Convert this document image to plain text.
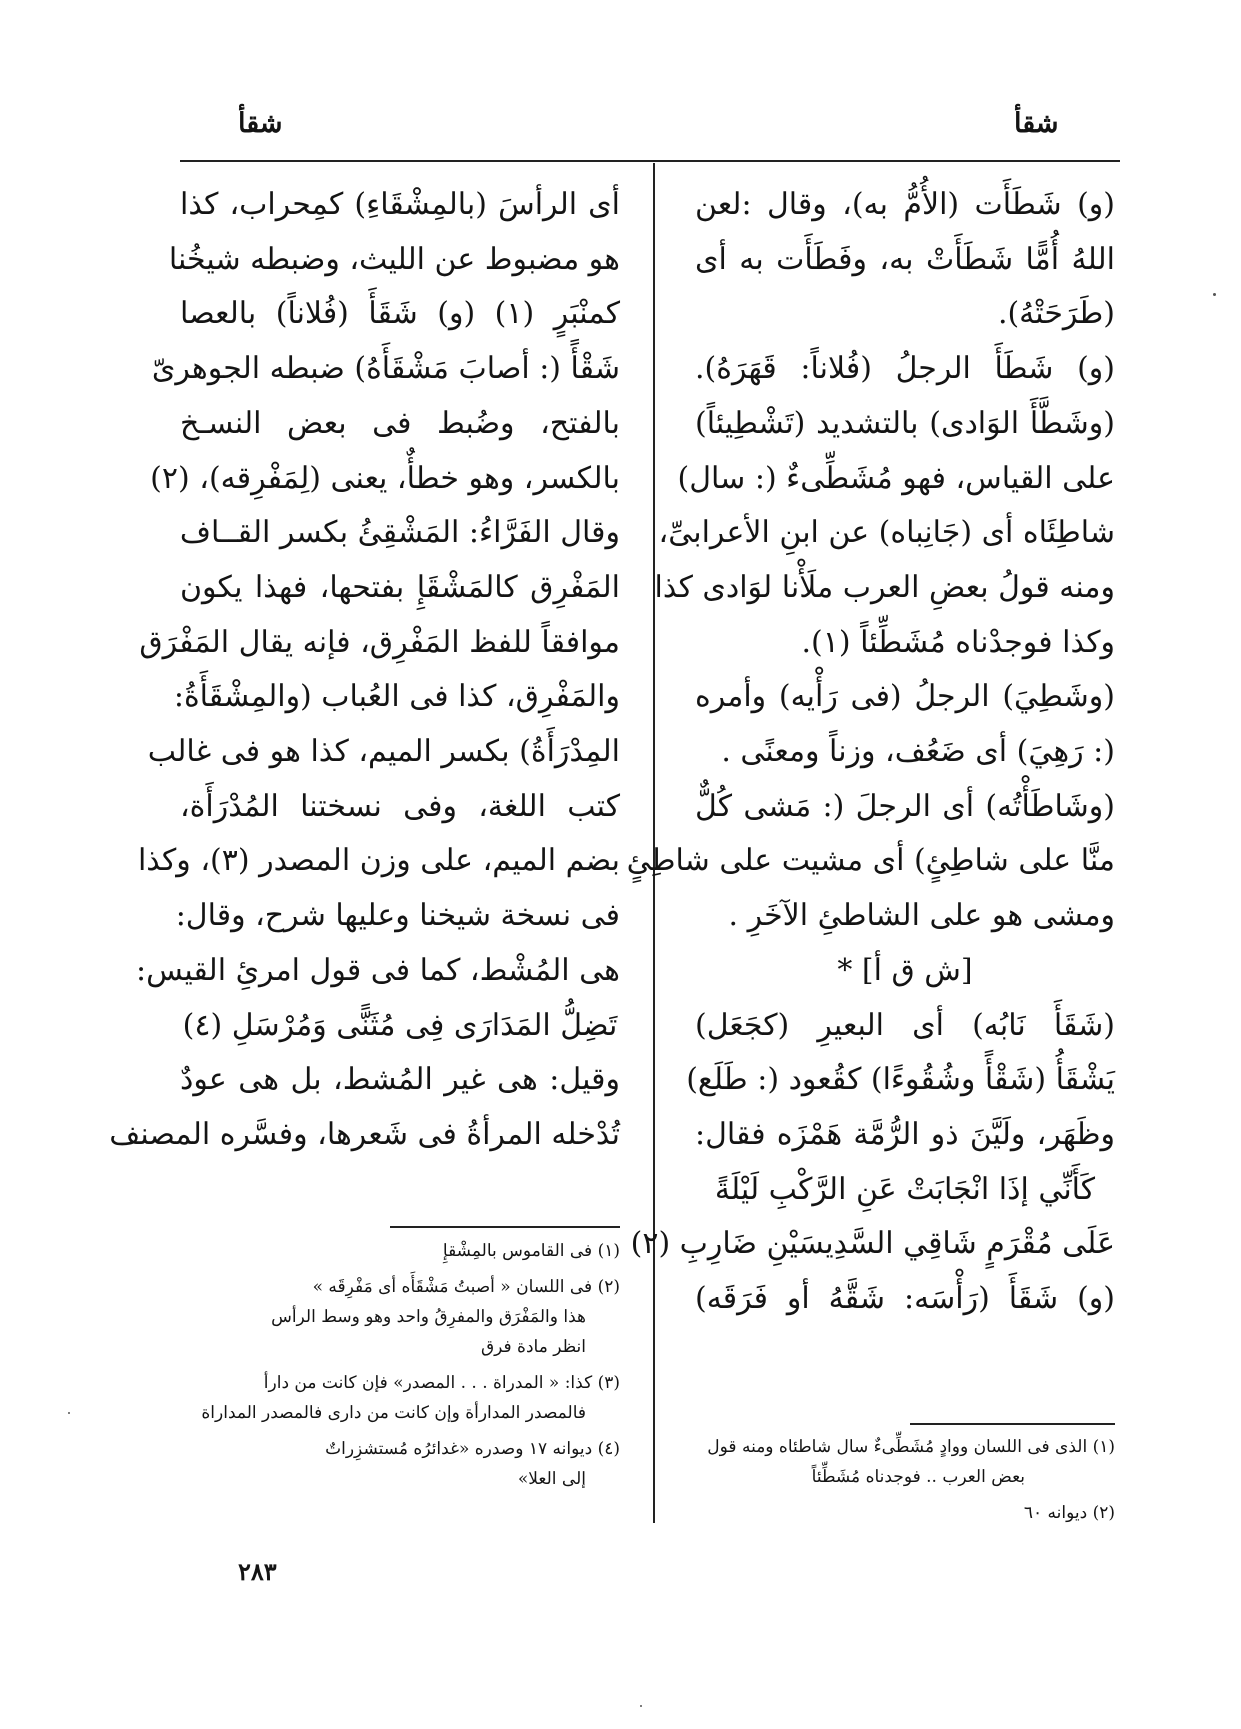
شقأ
شقأ

(و) شَطَأَت (الأُمُّ به)، وقال :لعن

اللهُ أُمًّا شَطَأَتْ به، وفَطَأَت به أى

(طَرَحَتْهُ).

(و) شَطَأَ الرجلُ (فُلاناً: قَهَرَهُ).

(وشَطَّأَ الوَادى) بالتشديد (تَشْطِيئاً)

على القياس، فهو مُشَطِّىءٌ (: سال)

شاطِئَاه أى (جَانِباه) عن ابنِ الأعرابىِّ،

ومنه قولُ بعضِ العرب ملَأْنا لوَادى كذا

وكذا فوجدْناه مُشَطِّئاً (١).

(وشَطِيَ) الرجلُ (فى رَأْيه) وأمره

(: رَهِيَ) أى ضَعُف، وزناً ومعنًى .

(وشَاطَأْتُه) أى الرجلَ (: مَشى كُلٌّ

منَّا على شاطِئٍ) أى مشيت على شاطِئٍ

ومشى هو على الشاطئِ الآخَرِ .

[ش ق أ] *

(شَقَأَ نَابُه) أى البعيرِ (كجَعَل)

يَشْقَأُ (شَقْأً وشُقُوءًا) كقُعود (: طَلَع)

وظَهَر، ولَيَّنَ ذو الرُّمَّة هَمْزَه فقال:

كَأَنِّي إذَا انْجَابَتْ عَنِ الرَّكْبِ لَيْلَةً

عَلَى مُقْرَمٍ شَاقِي السَّدِيسَيْنِ ضَارِبِ (٢)

(و) شَقَأَ (رَأْسَه: شَقَّهُ أو فَرَقَه)

أى الرأسَ (بالمِشْقَاءِ) كمِحراب، كذا

هو مضبوط عن الليث، وضبطه شيخُنا

كمنْبَرٍ (١) (و) شَقَأَ (فُلاناً) بالعصا

شَقْأً (: أصابَ مَشْقَأَهُ) ضبطه الجوهرىّ

بالفتح، وضُبط فى بعض النسـخ

بالكسر، وهو خطأٌ، يعنى (لِمَفْرِقه)، (٢)

وقال الفَرَّاءُ: المَشْقِئُ بكسر القــاف

المَفْرِق كالمَشْقَإِ بفتحها، فهذا يكون

موافقاً للفظ المَفْرِق، فإنه يقال المَفْرَق

والمَفْرِق، كذا فى العُباب (والمِشْقَأَةُ:

المِدْرَأَةُ) بكسر الميم، كذا هو فى غالب

كتب اللغة، وفى نسختنا المُدْرَأَة،

بضم الميم، على وزن المصدر (٣)، وكذا

فى نسخة شيخنا وعليها شرح، وقال:

هى المُشْط، كما فى قول امرئِ القيس:

تَضِلُّ المَدَارَى فِى مُثَنًّى وَمُرْسَلِ (٤)

وقيل: هى غير المُشط، بل هى عودٌ

تُدْخله المرأةُ فى شَعرها، وفسَّره المصنف

(١) الذى فى اللسان ووادٍ مُشَطِّىءٌ سال شاطئاه ومنه قول
بعض العرب .. فوجدناه مُشَطِّئاً
(٢) ديوانه ٦٠
(١) فى القاموس بالمِشْقإِ
(٢) فى اللسان « أصبتُ مَشْقَأَه أى مَفْرِقَه »
هذا والمَفْرَق والمفرِقُ واحد وهو وسط الرأس
انظر مادة فرق
(٣) كذا: « المدراة . . . المصدر» فإن كانت من دارأ
فالمصدر المدارأة وإن كانت من دارى فالمصدر المداراة
(٤) ديوانه ١٧ وصدره «غدائرُه مُستشزِراتٌ
إلى العلا»
٢٨٣
